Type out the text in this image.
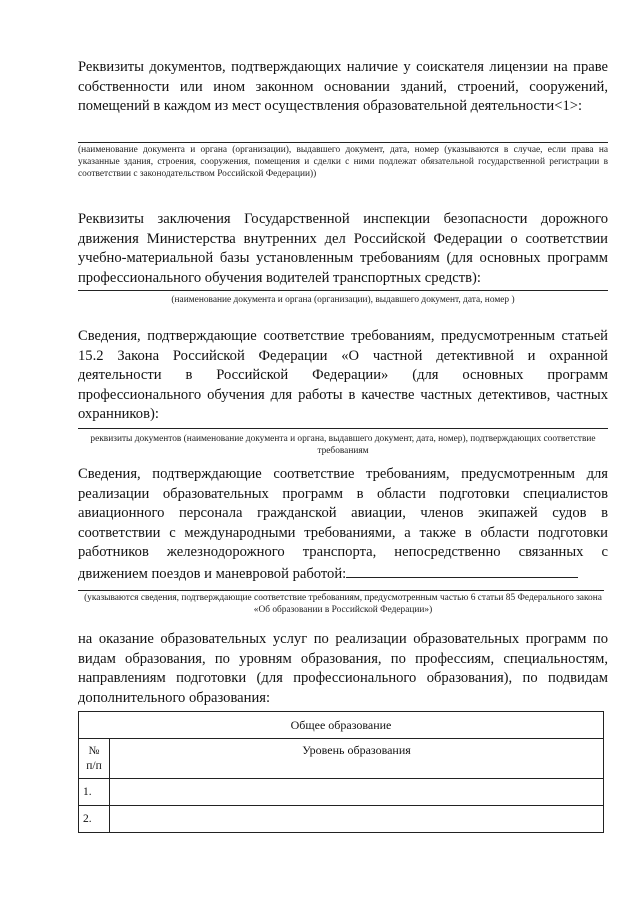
Реквизиты документов, подтверждающих наличие у соискателя лицензии на праве собственности или ином законном основании зданий, строений, сооружений, помещений в каждом из мест осуществления образовательной деятельности<1>:
(наименование документа и органа (организации), выдавшего документ, дата, номер (указываются в случае, если права на указанные здания, строения, сооружения, помещения и сделки с ними подлежат обязательной государственной регистрации в соответствии с законодательством Российской Федерации))
Реквизиты заключения Государственной инспекции безопасности дорожного движения Министерства внутренних дел Российской Федерации о соответствии учебно-материальной базы установленным требованиям (для основных программ профессионального обучения водителей транспортных средств):
(наименование документа и органа (организации), выдавшего документ, дата, номер )
Сведения, подтверждающие соответствие требованиям, предусмотренным статьей 15.2 Закона Российской Федерации «О частной детективной и охранной деятельности в Российской Федерации» (для основных программ профессионального обучения для работы в качестве частных детективов, частных охранников):
реквизиты документов (наименование документа и органа, выдавшего документ, дата, номер), подтверждающих соответствие требованиям
Сведения, подтверждающие соответствие требованиям, предусмотренным для реализации образовательных программ в области подготовки специалистов авиационного персонала гражданской авиации, членов экипажей судов в соответствии с международными требованиями, а также в области подготовки работников железнодорожного транспорта, непосредственно связанных с движением поездов и маневровой работой:
(указываются сведения, подтверждающие соответствие требованиям, предусмотренным частью 6 статьи 85 Федерального закона «Об образовании в Российской Федерации»)
на оказание образовательных услуг по реализации образовательных программ по видам образования, по уровням образования, по профессиям, специальностям, направлениям подготовки (для профессионального образования), по подвидам дополнительного образования:
Общее образование	
№ п/п	Уровень образования
1.	
2.	
